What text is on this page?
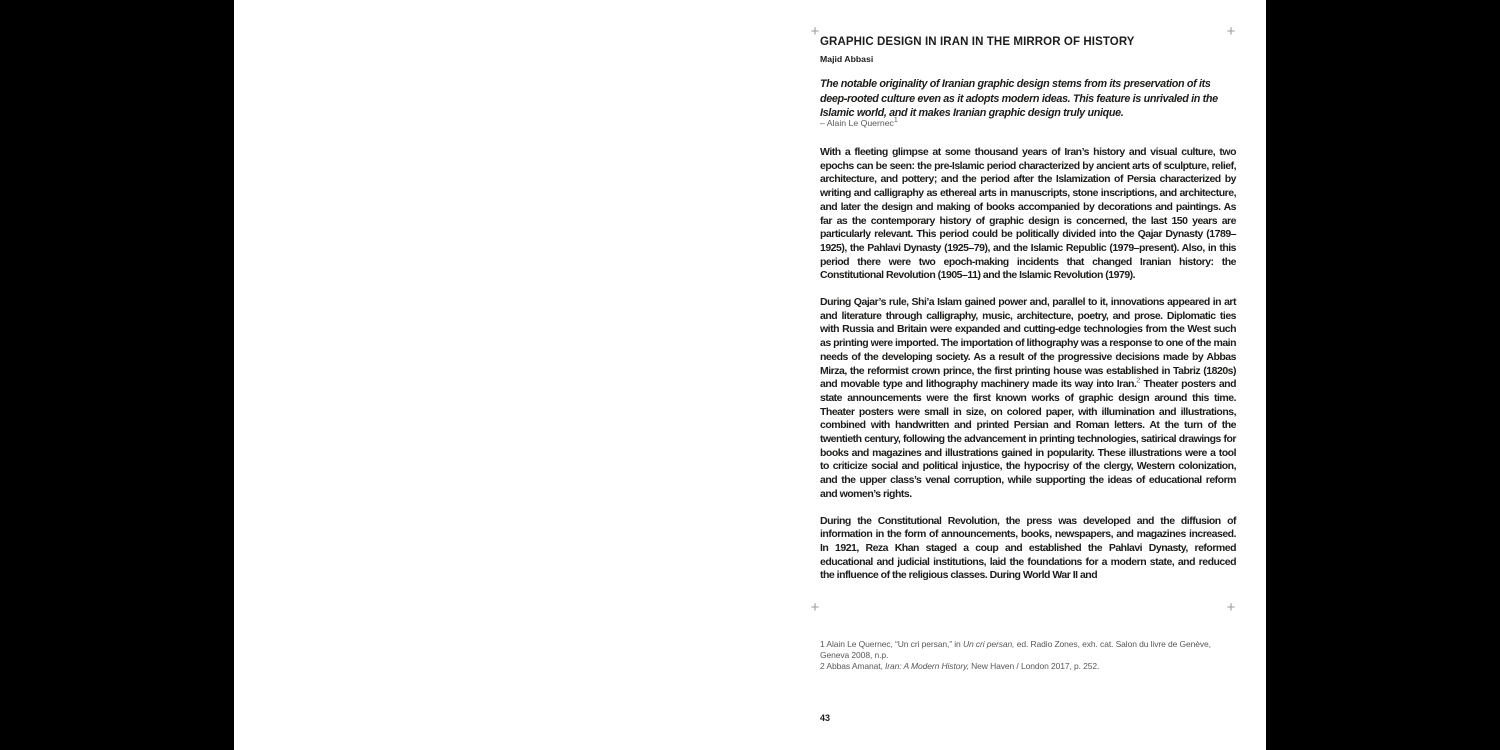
+	+
+	+
GRAPHIC DESIGN IN IRAN IN THE MIRROR OF HISTORY
Majid Abbasi
The notable originality of Iranian graphic design stems from its preservation of its deep-rooted culture even as it adopts modern ideas. This feature is unrivaled in the Islamic world, and it makes Iranian graphic design truly unique.
– Alain Le Quernec$^1$

With a fleeting glimpse at some thousand years of Iran’s history and visual culture, two epochs can be seen: the pre-Islamic period characterized by ancient arts of sculpture, relief, architecture, and pottery; and the period after the Islamization of Persia characterized by writing and calligraphy as ethereal arts in manuscripts, stone inscriptions, and architecture, and later the design and making of books accompanied by decorations and paintings. As far as the contemporary history of graphic design is concerned, the last 150 years are particularly relevant. This period could be politically divided into the Qajar Dynasty (1789–1925), the Pahlavi Dynasty (1925–79), and the Islamic Republic (1979–present). Also, in this period there were two epoch-making incidents that changed Iranian history: the Constitutional Revolution (1905–11) and the Islamic Revolution (1979).

During Qajar’s rule, Shi’a Islam gained power and, parallel to it, innovations appeared in art and literature through calligraphy, music, architecture, poetry, and prose. Diplomatic ties with Russia and Britain were expanded and cutting-edge technologies from the West such as printing were imported. The importation of lithography was a response to one of the main needs of the developing society. As a result of the progressive decisions made by Abbas Mirza, the reformist crown prince, the first printing house was established in Tabriz (1820s) and movable type and lithography machinery made its way into Iran.$^2$ Theater posters and state announcements were the first known works of graphic design around this time. Theater posters were small in size, on colored paper, with illumination and illustrations, combined with handwritten and printed Persian and Roman letters. At the turn of the twentieth century, following the advancement in printing technologies, satirical drawings for books and magazines and illustrations gained in popularity. These illustrations were a tool to criticize social and political injustice, the hypocrisy of the clergy, Western colonization, and the upper class’s venal corruption, while supporting the ideas of educational reform and women’s rights.

During the Constitutional Revolution, the press was developed and the diffusion of information in the form of announcements, books, newspapers, and magazines increased. In 1921, Reza Khan staged a coup and established the Pahlavi Dynasty, reformed educational and judicial institutions, laid the foundations for a modern state, and reduced the influence of the religious classes. During World War II and

1 Alain Le Quernec, “Un cri persan,” in Un cri persan, ed. Radio Zones, exh. cat. Salon du livre de Genève,
Geneva 2008, n.p.

2 Abbas Amanat, Iran: A Modern History, New Haven / London 2017, p. 252.

43
